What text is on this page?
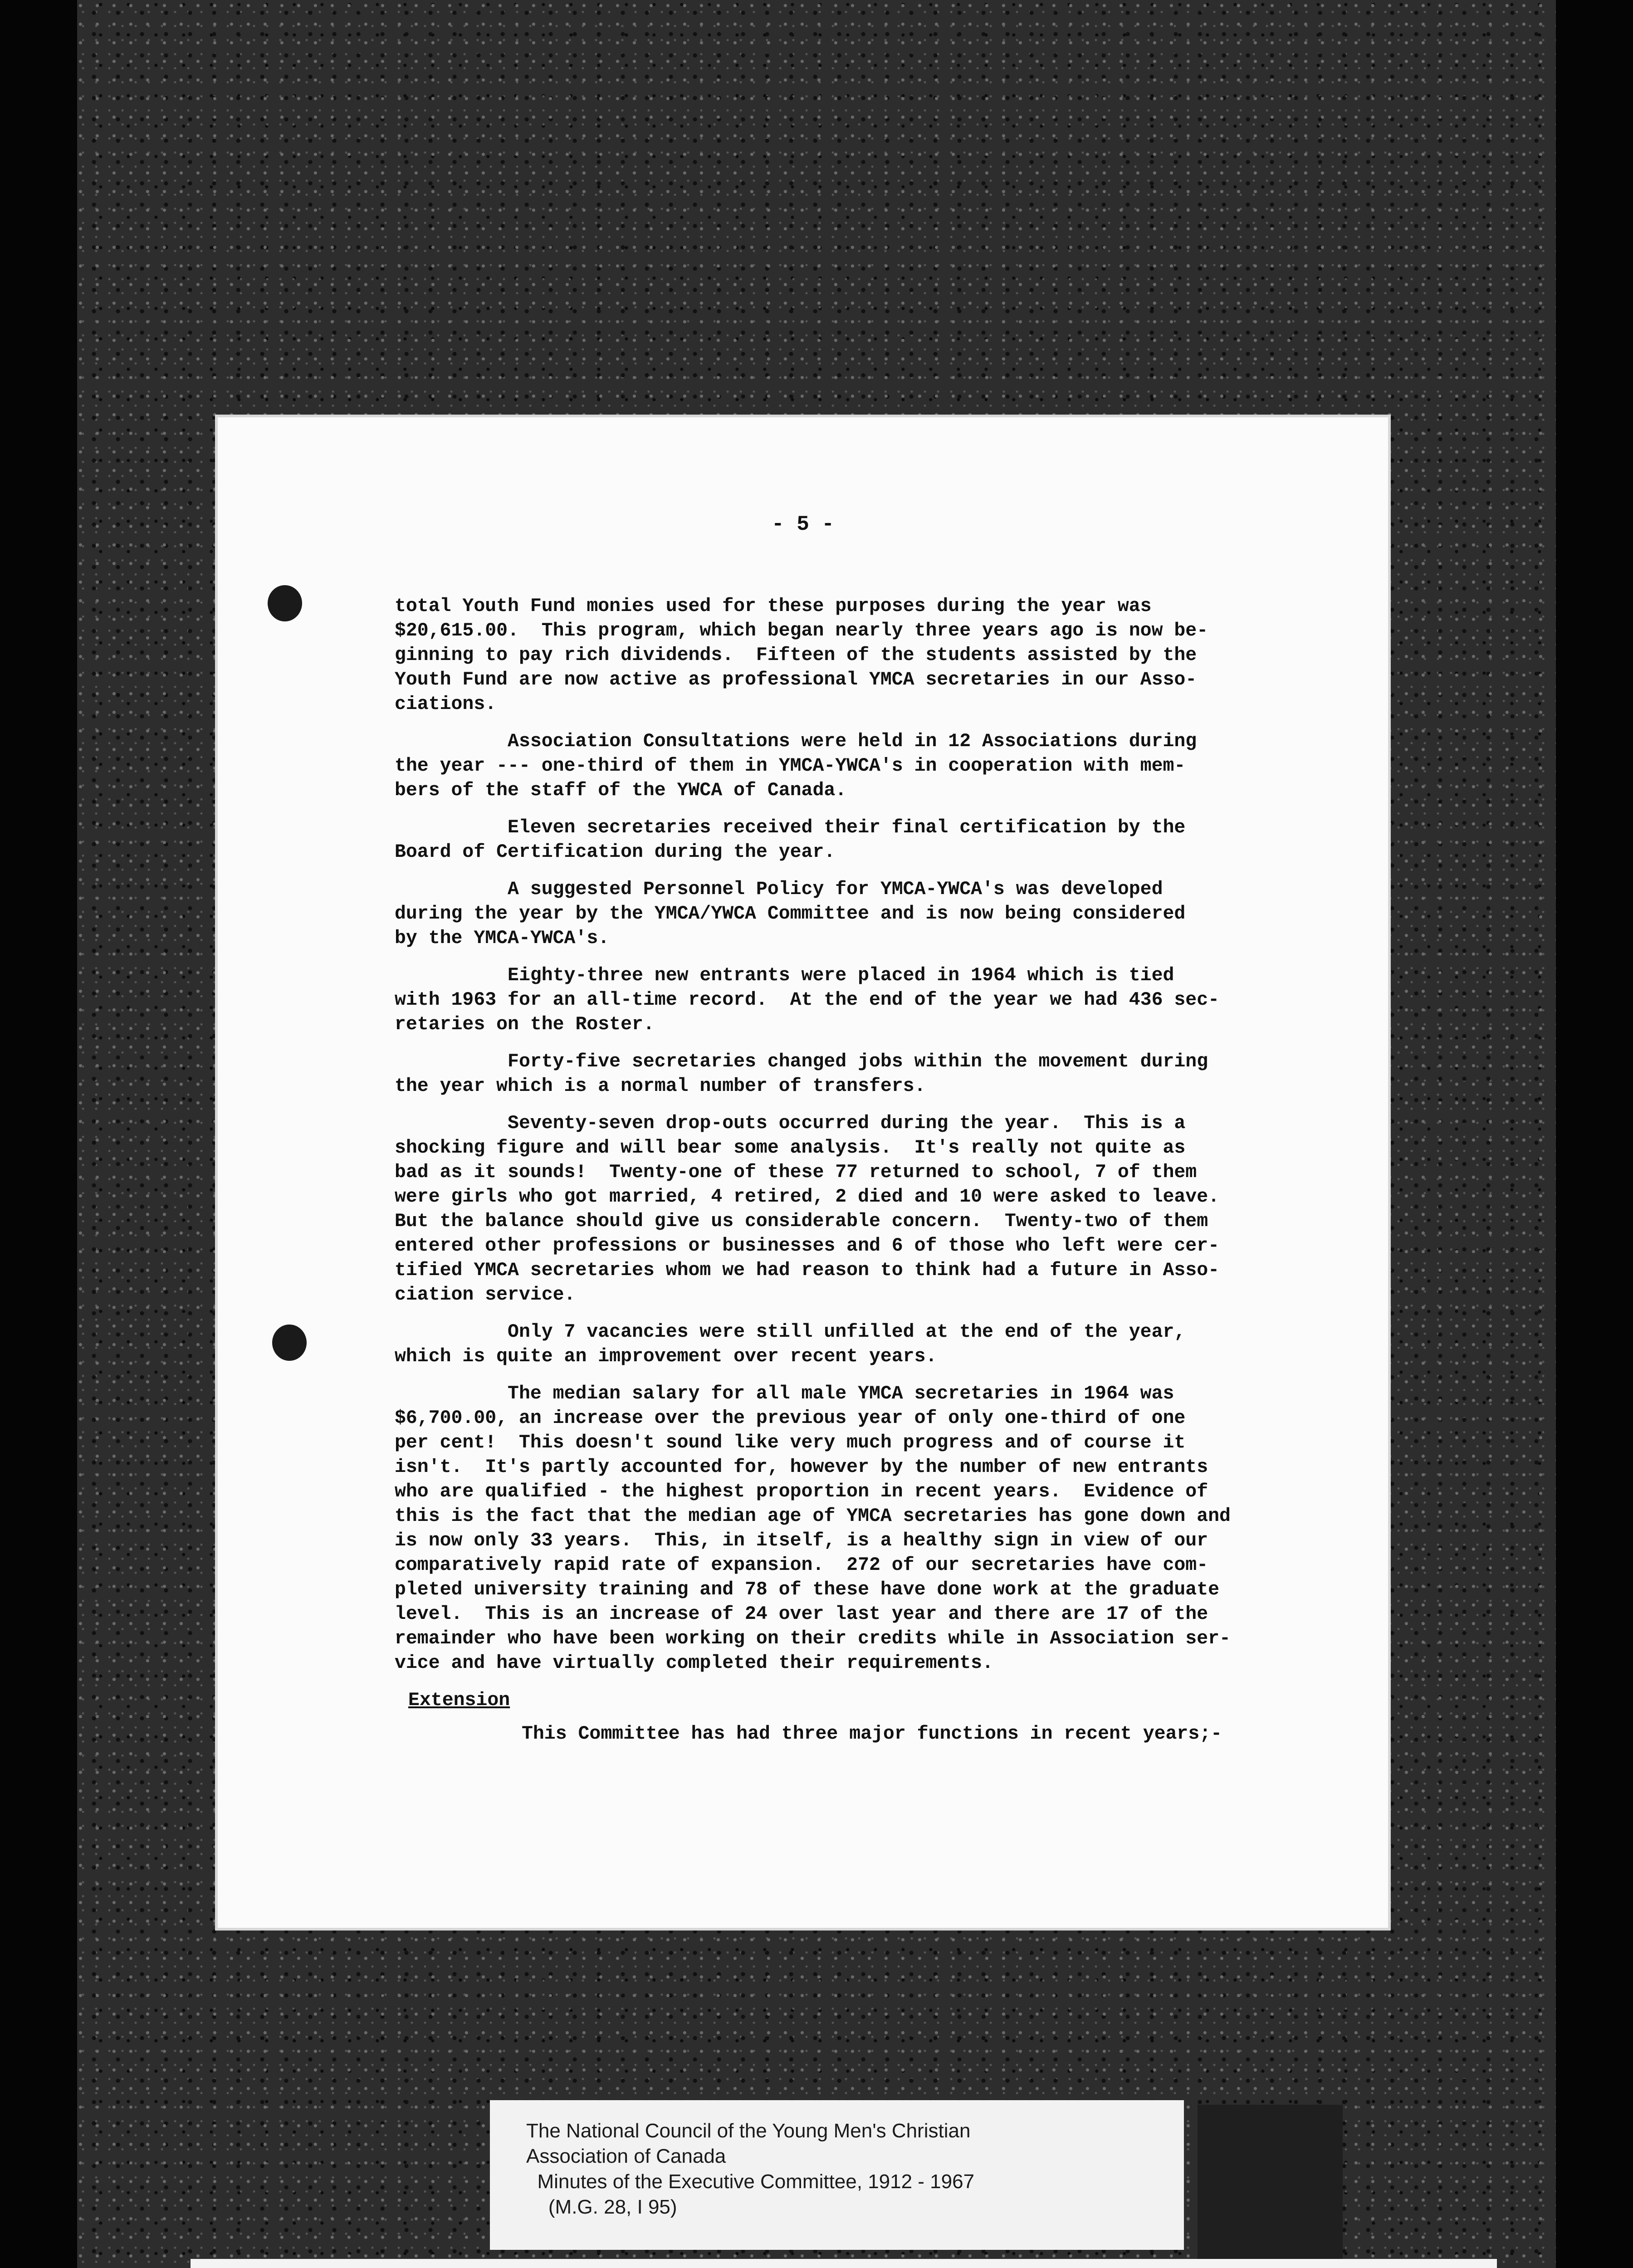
- 5 -

total Youth Fund monies used for these purposes during the year was
$20,615.00.  This program, which began nearly three years ago is now be-
ginning to pay rich dividends.  Fifteen of the students assisted by the
Youth Fund are now active as professional YMCA secretaries in our Asso-
ciations.

Association Consultations were held in 12 Associations during
the year --- one-third of them in YMCA-YWCA's in cooperation with mem-
bers of the staff of the YWCA of Canada.

Eleven secretaries received their final certification by the
Board of Certification during the year.

A suggested Personnel Policy for YMCA-YWCA's was developed
during the year by the YMCA/YWCA Committee and is now being considered
by the YMCA-YWCA's.

Eighty-three new entrants were placed in 1964 which is tied
with 1963 for an all-time record.  At the end of the year we had 436 sec-
retaries on the Roster.

Forty-five secretaries changed jobs within the movement during
the year which is a normal number of transfers.

Seventy-seven drop-outs occurred during the year.  This is a
shocking figure and will bear some analysis.  It's really not quite as
bad as it sounds!  Twenty-one of these 77 returned to school, 7 of them
were girls who got married, 4 retired, 2 died and 10 were asked to leave.
But the balance should give us considerable concern.  Twenty-two of them
entered other professions or businesses and 6 of those who left were cer-
tified YMCA secretaries whom we had reason to think had a future in Asso-
ciation service.

Only 7 vacancies were still unfilled at the end of the year,
which is quite an improvement over recent years.

The median salary for all male YMCA secretaries in 1964 was
$6,700.00, an increase over the previous year of only one-third of one
per cent!  This doesn't sound like very much progress and of course it
isn't.  It's partly accounted for, however by the number of new entrants
who are qualified - the highest proportion in recent years.  Evidence of
this is the fact that the median age of YMCA secretaries has gone down and
is now only 33 years.  This, in itself, is a healthy sign in view of our
comparatively rapid rate of expansion.  272 of our secretaries have com-
pleted university training and 78 of these have done work at the graduate
level.  This is an increase of 24 over last year and there are 17 of the
remainder who have been working on their credits while in Association ser-
vice and have virtually completed their requirements.

Extension
This Committee has had three major functions in recent years;-
The National Council of the Young Men's Christian
Association of Canada
Minutes of the Executive Committee, 1912 - 1967
(M.G. 28, I 95)
